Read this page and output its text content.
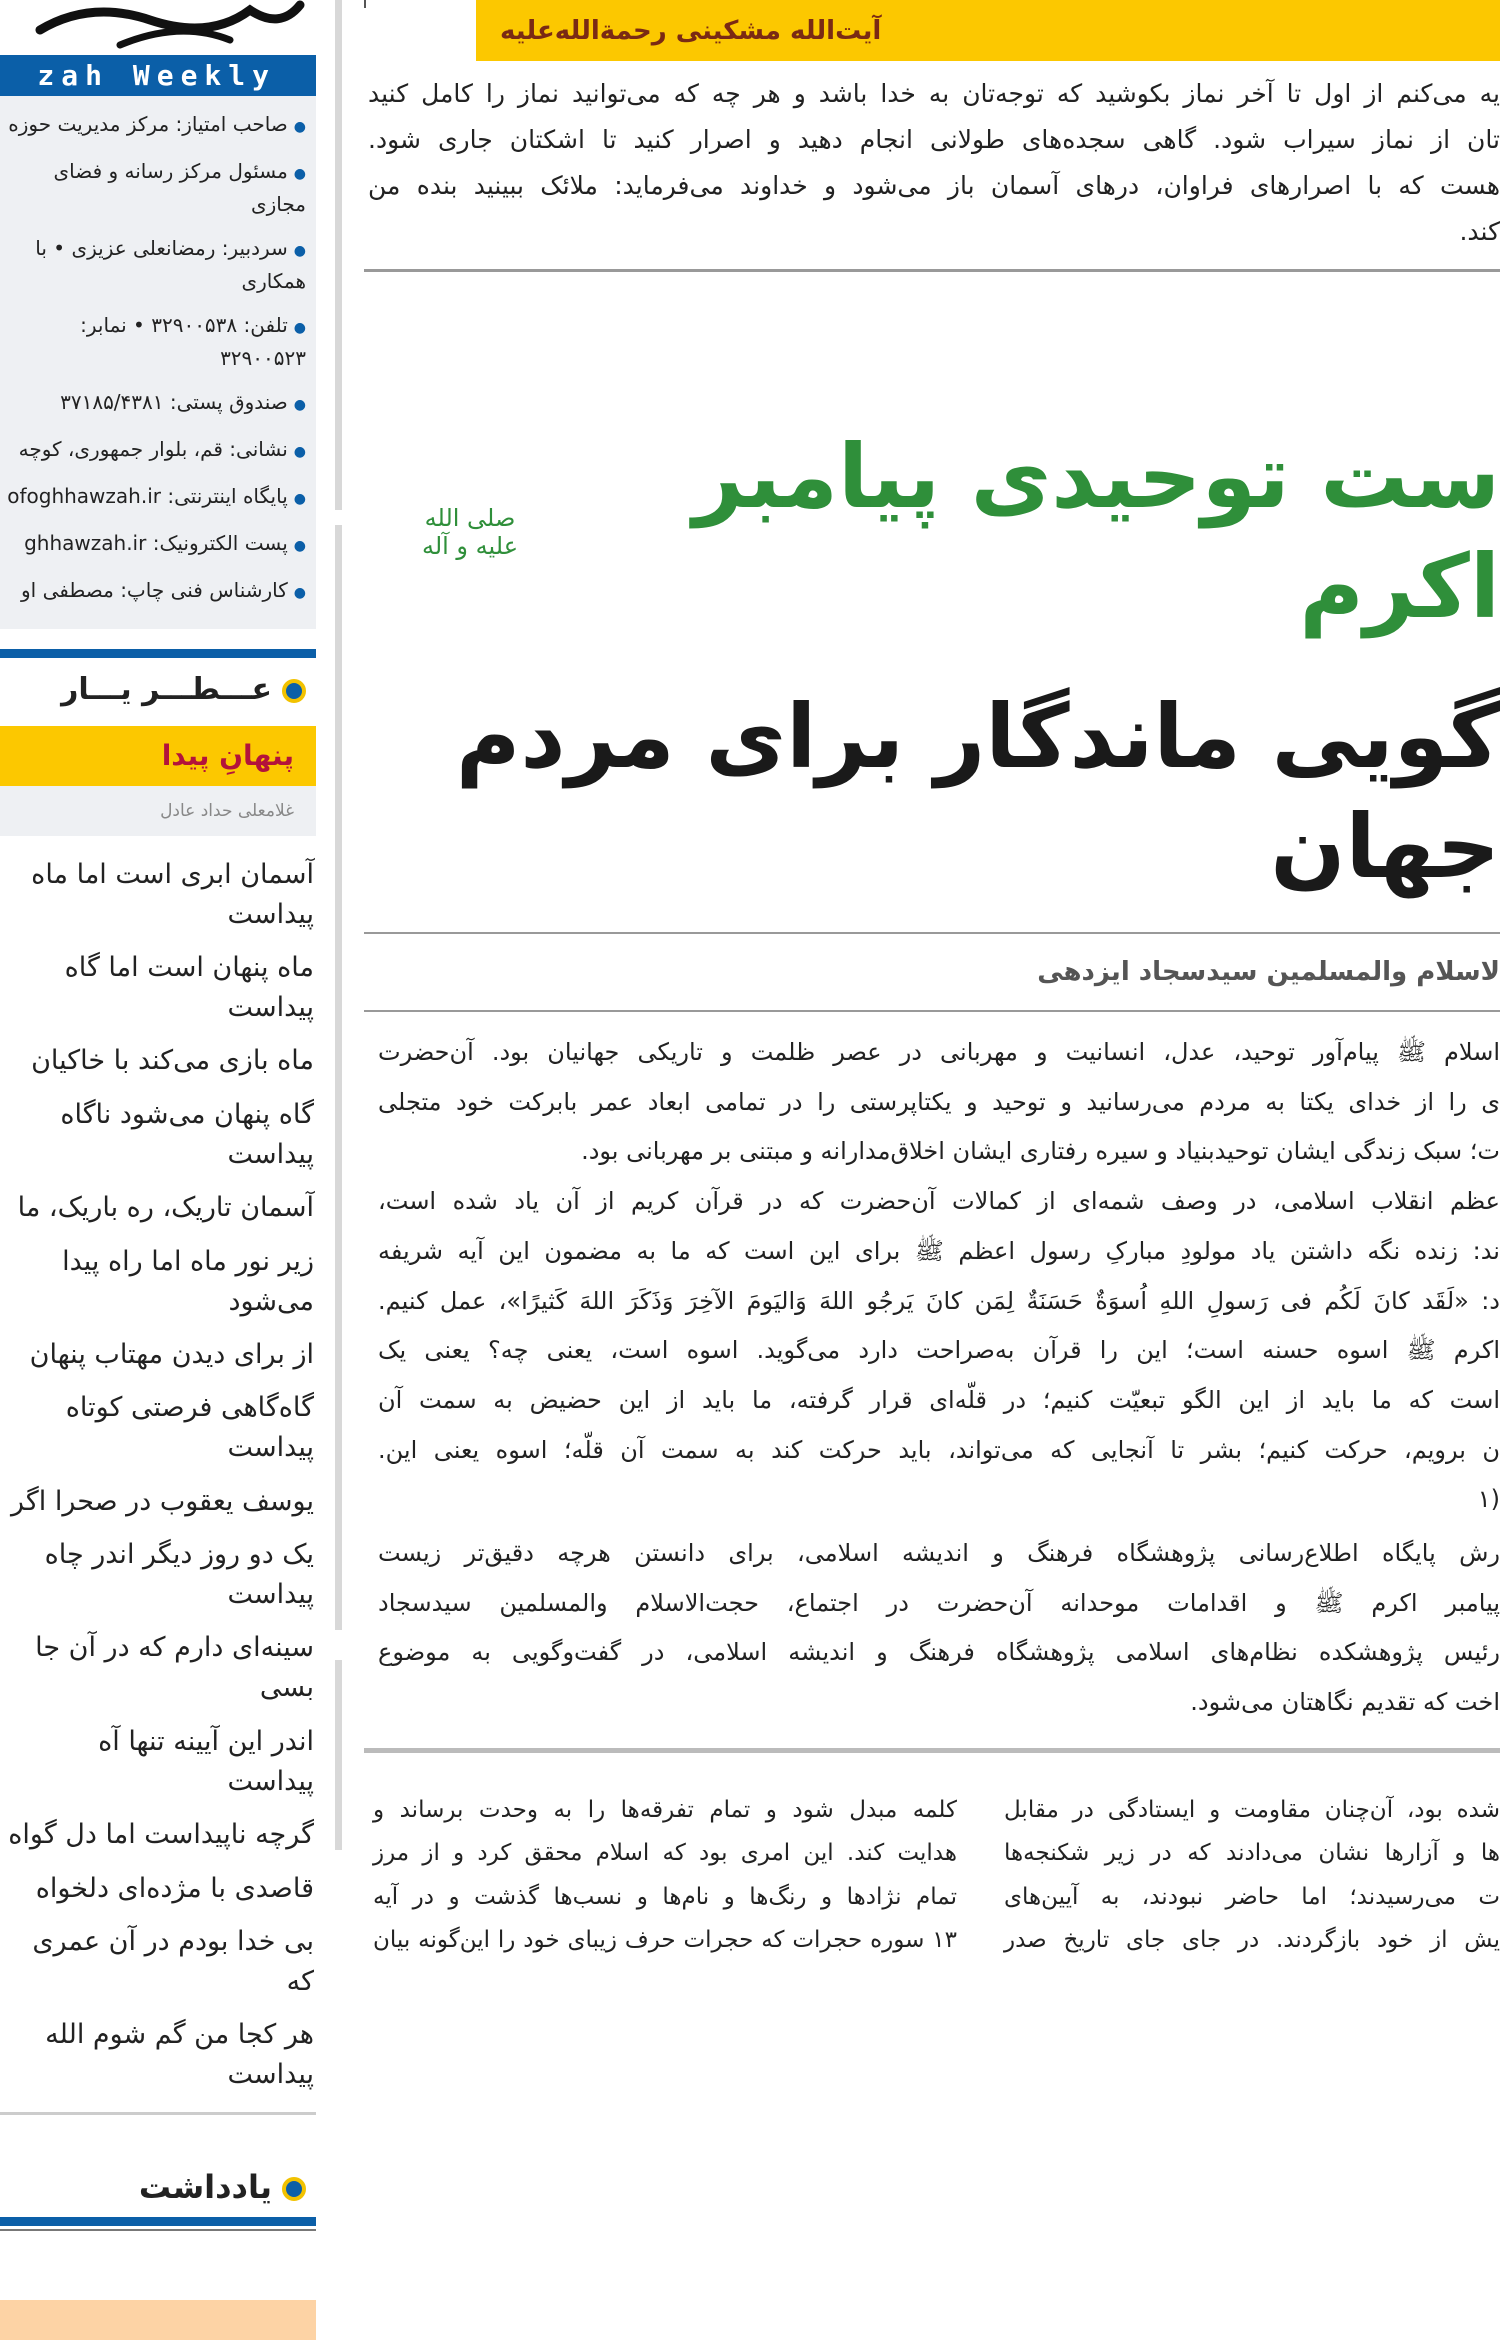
zah Weekly
●صاحب امتیاز: مرکز مدیریت حوزه
●مسئول مرکز رسانه و فضای مجازی
●سردبیر: رمضانعلی عزیزی • با همکاری
●تلفن: ۳۲۹۰۰۵۳۸ • نمابر: ۳۲۹۰۰۵۲۳
●صندوق پستی: ۳۷۱۸۵/۴۳۸۱
●نشانی: قم، بلوار جمهوری، کوچه
●پایگاه اینترنتی: ofoghhawzah.ir
●پست الکترونیک: ghhawzah.ir
●کارشناس فنی چاپ: مصطفی او
عـــطـــر یـــار
پنهانِ پیدا
غلامعلی حداد عادل
آسمان ابری است اما ماه پیداست
ماه پنهان است اما گاه پیداست
ماه بازی می‌کند با خاکیان
گاه پنهان می‌شود ناگاه پیداست
آسمان تاریک، ره باریک، ما
زیر نور ماه اما راه پیدا می‌شود
از برای دیدن مهتاب پنهان
گاه‌گاهی فرصتی کوتاه پیداست
یوسف یعقوب در صحرا اگر
یک دو روز دیگر اندر چاه پیداست
سینه‌ای دارم که در آن جا بسی
اندر این آیینه تنها آه پیداست
گرچه ناپیداست اما دل گواه
قاصدی با مژده‌ای دلخواه
بی خدا بودم در آن عمری که
هر کجا من گم شوم الله پیداست
یادداشت
آیت‌الله مشکینی رحمة‌الله‌علیه
یه می‌کنم از اول تا آخر نماز بکوشید که توجه‌تان به خدا باشد و هر چه که می‌توانید نماز را کامل کنید
تان از نماز سیراب شود. گاهی سجده‌های طولانی انجام دهید و اصرار کنید تا اشکتان جاری شود.
هست که با اصرارهای فراوان، درهای آسمان باز می‌شود و خداوند می‌فرماید: ملائک ببینید بنده من
کند.
صلی الله علیه و آله
ست توحیدی پیامبر اکرم
گویی ماندگار برای مردم جهان
لاسلام والمسلمین سیدسجاد ایزدهی
اسلام ﷺ پیام‌آور توحید، عدل، انسانیت و مهربانی در عصر ظلمت و تاریکی جهانیان بود. آن‌حضرت
ی را از خدای یکتا به مردم می‌رسانید و توحید و یکتاپرستی را در تمامی ابعاد عمر بابرکت خود متجلی
ت؛ سبک زندگی ایشان توحیدبنیاد و سیره رفتاری ایشان اخلاق‌مدارانه و مبتنی بر مهربانی بود.
عظم انقلاب اسلامی، در وصف شمه‌ای از کمالات آن‌حضرت که در قرآن کریم از آن یاد شده است،
ند: زنده نگه داشتن یاد مولودِ مبارکِ رسول اعظم ﷺ برای این است که ما به مضمون این آیه شریفه
د: «لَقَد کانَ لَکُم فی رَسولِ اللهِ اُسوَةٌ حَسَنَةٌ لِمَن کانَ یَرجُو اللهَ وَالیَومَ الآخِرَ وَذَکَرَ اللهَ کَثیرًا»، عمل کنیم.
اکرم ﷺ اسوه حسنه است؛ این را قرآن به‌صراحت دارد می‌گوید. اسوه است، یعنی چه؟ یعنی یک
است که ما باید از این الگو تبعیّت کنیم؛ در قلّه‌ای قرار گرفته، ما باید از این حضیض به سمت آن
ن برویم، حرکت کنیم؛ بشر تا آنجایی که می‌تواند، باید حرکت کند به سمت آن قلّه؛ اسوه یعنی این.
(۱
رش پایگاه اطلاع‌رسانی پژوهشگاه فرهنگ و اندیشه اسلامی، برای دانستن هرچه دقیق‌تر زیست
پیامبر اکرم ﷺ و اقدامات موحدانه آن‌حضرت در اجتماع، حجت‌الاسلام والمسلمین سیدسجاد
رئیس پژوهشکده نظام‌های اسلامی پژوهشگاه فرهنگ و اندیشه اسلامی، در گفت‌وگویی به موضوع
اخت که تقدیم نگاهتان می‌شود.
کلمه مبدل شود و تمام تفرقه‌ها را به وحدت برساند و
هدایت کند. این امری بود که اسلام محقق کرد و از مرز
تمام نژادها و رنگ‌ها و نام‌ها و نسب‌ها گذشت و در آیه
۱۳ سوره حجرات که حجرات حرف زیبای خود را این‌گونه بیان
شده بود، آن‌چنان مقاومت و ایستادگی در مقابل
ها و آزارها نشان می‌دادند که در زیر شکنجه‌ها
ت می‌رسیدند؛ اما حاضر نبودند، به آیین‌های
یش از خود بازگردند. در جای جای تاریخ صدر
